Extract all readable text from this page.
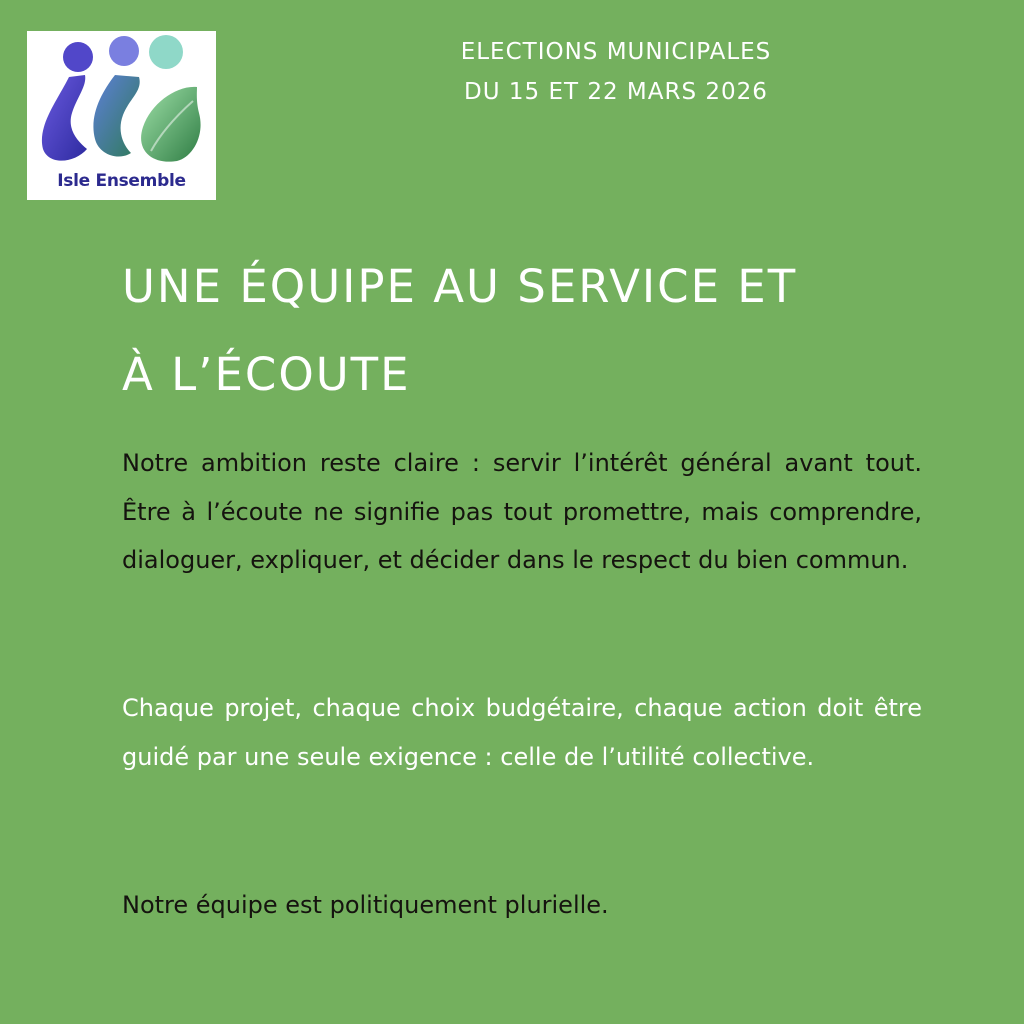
Isle Ensemble
ELECTIONS MUNICIPALES
DU 15 ET 22 MARS 2026
UNE ÉQUIPE AU SERVICE ET
À L’ÉCOUTE

Notre ambition reste claire : servir l’intérêt général avant tout. Être à l’écoute ne signifie pas tout promettre, mais comprendre, dialoguer, expliquer, et décider dans le respect du bien commun.

Chaque projet, chaque choix budgétaire, chaque action doit être guidé par une seule exigence : celle de l’utilité collective.

Notre équipe est politiquement plurielle.
